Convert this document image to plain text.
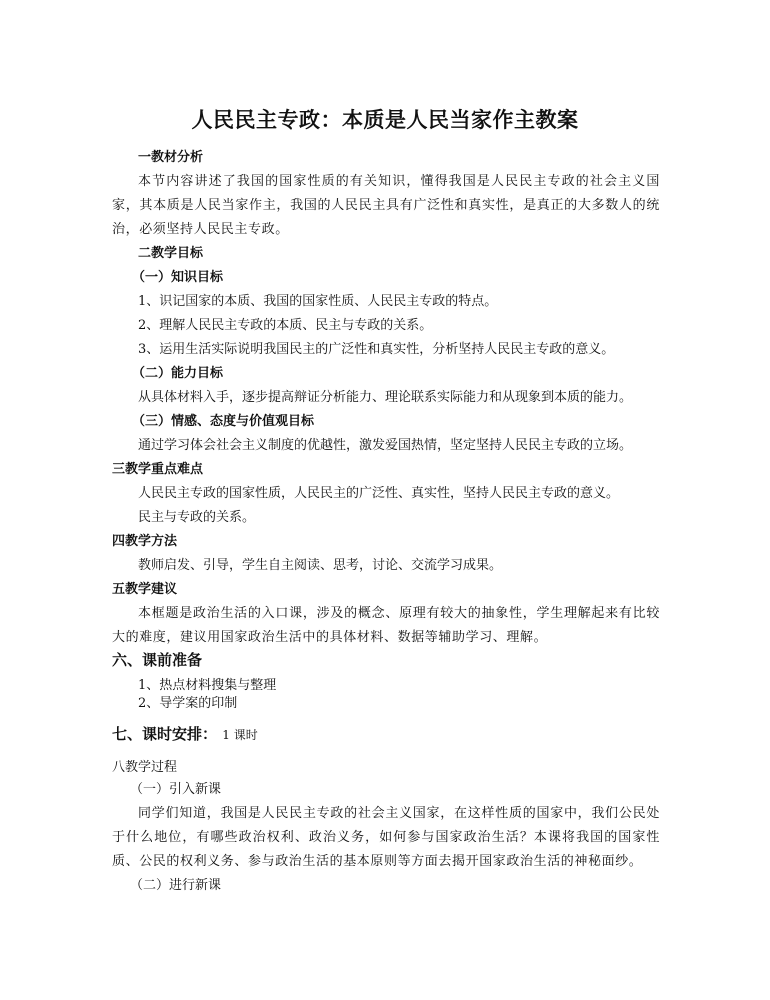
人民民主专政：本质是人民当家作主教案
一教材分析

本节内容讲述了我国的国家性质的有关知识，懂得我国是人民民主专政的社会主义国家，其本质是人民当家作主，我国的人民民主具有广泛性和真实性，是真正的大多数人的统治，必须坚持人民民主专政。

二教学目标
（一）知识目标
1、识记国家的本质、我国的国家性质、人民民主专政的特点。
2、理解人民民主专政的本质、民主与专政的关系。
3、运用生活实际说明我国民主的广泛性和真实性，分析坚持人民民主专政的意义。
（二）能力目标
从具体材料入手，逐步提高辩证分析能力、理论联系实际能力和从现象到本质的能力。
（三）情感、态度与价值观目标
通过学习体会社会主义制度的优越性，激发爱国热情，坚定坚持人民民主专政的立场。
三教学重点难点
人民民主专政的国家性质，人民民主的广泛性、真实性，坚持人民民主专政的意义。
民主与专政的关系。
四教学方法
教师启发、引导，学生自主阅读、思考，讨论、交流学习成果。
五教学建议

本框题是政治生活的入口课，涉及的概念、原理有较大的抽象性，学生理解起来有比较大的难度，建议用国家政治生活中的具体材料、数据等辅助学习、理解。

六、课前准备
1、热点材料搜集与整理
2、导学案的印制
七、课时安排： 1 课时
八教学过程
（一）引入新课

同学们知道，我国是人民民主专政的社会主义国家，在这样性质的国家中，我们公民处于什么地位，有哪些政治权利、政治义务，如何参与国家政治生活？本课将我国的国家性质、公民的权利义务、参与政治生活的基本原则等方面去揭开国家政治生活的神秘面纱。

（二）进行新课
